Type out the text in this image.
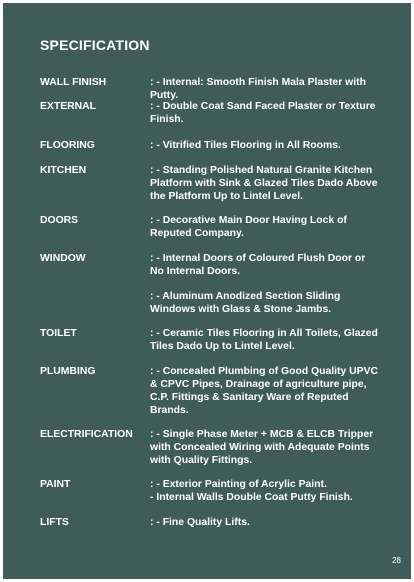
SPECIFICATION
WALL FINISH	: - Internal: Smooth Finish Mala Plaster with Putty.
EXTERNAL	: - Double Coat Sand Faced Plaster or Texture Finish.
FLOORING	: - Vitrified Tiles Flooring in All Rooms.
KITCHEN	: - Standing Polished Natural Granite Kitchen Platform with Sink & Glazed Tiles Dado Above the Platform Up to Lintel Level.
DOORS	: - Decorative Main Door Having Lock of Reputed Company.
WINDOW	: - Internal Doors of Coloured Flush Door or No Internal Doors.
: - Aluminum Anodized Section Sliding Windows with Glass & Stone Jambs.
TOILET	: - Ceramic Tiles Flooring in All Toilets, Glazed Tiles Dado Up to Lintel Level.
PLUMBING	: - Concealed Plumbing of Good Quality UPVC & CPVC Pipes, Drainage of agriculture pipe, C.P. Fittings & Sanitary Ware of Reputed Brands.
ELECTRIFICATION	: - Single Phase Meter + MCB & ELCB Tripper with Concealed Wiring with Adequate Points with Quality Fittings.
PAINT	: - Exterior Painting of Acrylic Paint.
- Internal Walls Double Coat Putty Finish.
LIFTS	: - Fine Quality Lifts.
28
